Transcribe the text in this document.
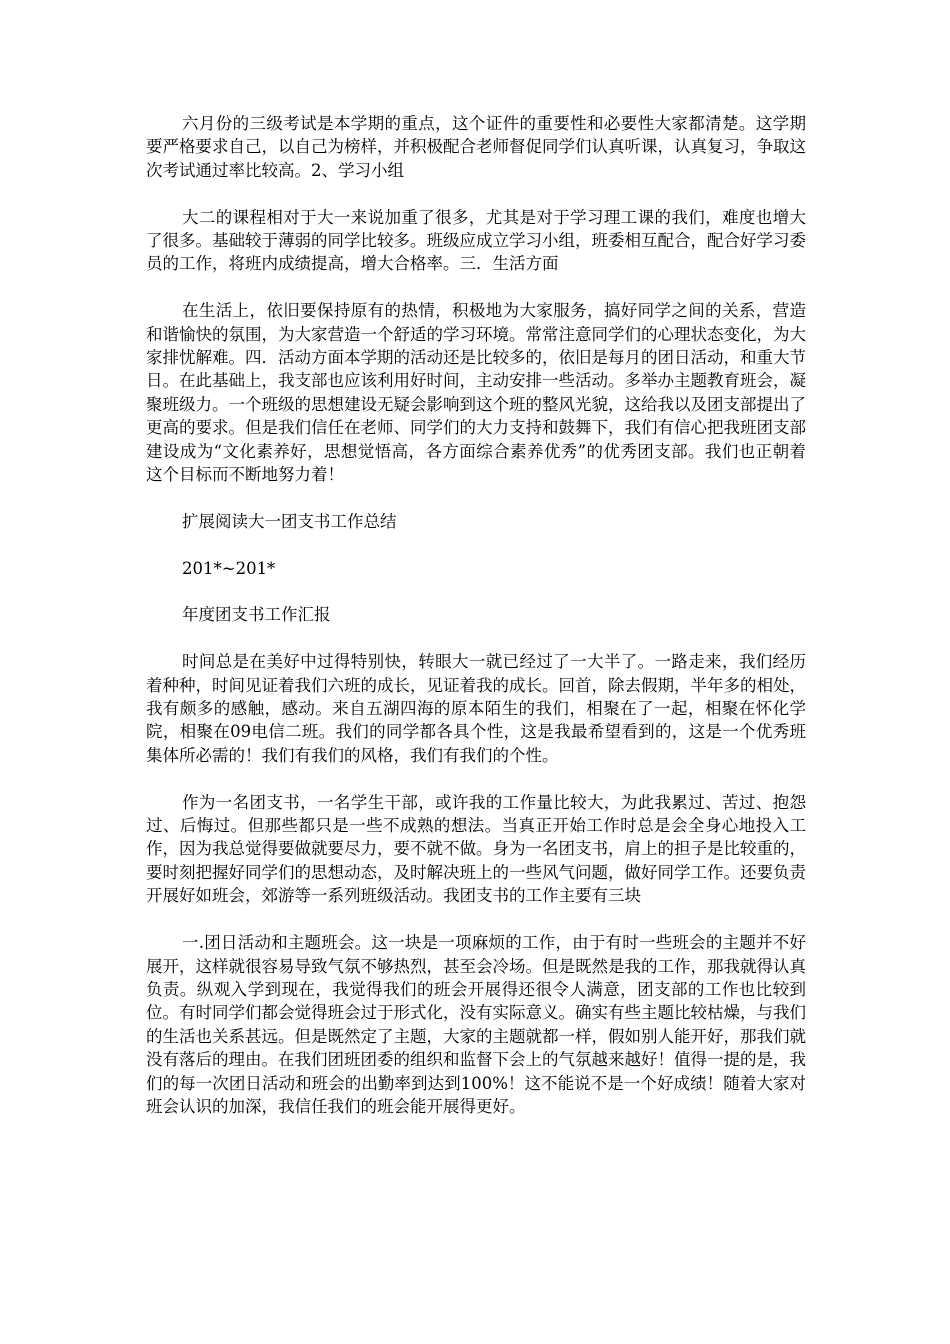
六月份的三级考试是本学期的重点，这个证件的重要性和必要性大家都清楚。这学期要严格要求自己，以自己为榜样，并积极配合老师督促同学们认真听课，认真复习，争取这次考试通过率比较高。2、学习小组

大二的课程相对于大一来说加重了很多，尤其是对于学习理工课的我们，难度也增大了很多。基础较于薄弱的同学比较多。班级应成立学习小组，班委相互配合，配合好学习委员的工作，将班内成绩提高，增大合格率。三．生活方面

在生活上，依旧要保持原有的热情，积极地为大家服务，搞好同学之间的关系，营造和谐愉快的氛围，为大家营造一个舒适的学习环境。常常注意同学们的心理状态变化，为大家排忧解难。四．活动方面本学期的活动还是比较多的，依旧是每月的团日活动，和重大节日。在此基础上，我支部也应该利用好时间，主动安排一些活动。多举办主题教育班会，凝聚班级力。一个班级的思想建设无疑会影响到这个班的整风光貌，这给我以及团支部提出了更高的要求。但是我们信任在老师、同学们的大力支持和鼓舞下，我们有信心把我班团支部建设成为“文化素养好，思想觉悟高，各方面综合素养优秀”的优秀团支部。我们也正朝着这个目标而不断地努力着！

扩展阅读大一团支书工作总结

201*~201*

年度团支书工作汇报

时间总是在美好中过得特别快，转眼大一就已经过了一大半了。一路走来，我们经历着种种，时间见证着我们六班的成长，见证着我的成长。回首，除去假期，半年多的相处，我有颇多的感触，感动。来自五湖四海的原本陌生的我们，相聚在了一起，相聚在怀化学院，相聚在09电信二班。我们的同学都各具个性，这是我最希望看到的，这是一个优秀班集体所必需的！我们有我们的风格，我们有我们的个性。

作为一名团支书，一名学生干部，或许我的工作量比较大，为此我累过、苦过、抱怨过、后悔过。但那些都只是一些不成熟的想法。当真正开始工作时总是会全身心地投入工作，因为我总觉得要做就要尽力，要不就不做。身为一名团支书，肩上的担子是比较重的，要时刻把握好同学们的思想动态，及时解决班上的一些风气问题，做好同学工作。还要负责开展好如班会，郊游等一系列班级活动。我团支书的工作主要有三块

一.团日活动和主题班会。这一块是一项麻烦的工作，由于有时一些班会的主题并不好展开，这样就很容易导致气氛不够热烈，甚至会冷场。但是既然是我的工作，那我就得认真负责。纵观入学到现在，我觉得我们的班会开展得还很令人满意，团支部的工作也比较到位。有时同学们都会觉得班会过于形式化，没有实际意义。确实有些主题比较枯燥，与我们的生活也关系甚远。但是既然定了主题，大家的主题就都一样，假如别人能开好，那我们就没有落后的理由。在我们团班团委的组织和监督下会上的气氛越来越好！值得一提的是，我们的每一次团日活动和班会的出勤率到达到100%！这不能说不是一个好成绩！随着大家对班会认识的加深，我信任我们的班会能开展得更好。
